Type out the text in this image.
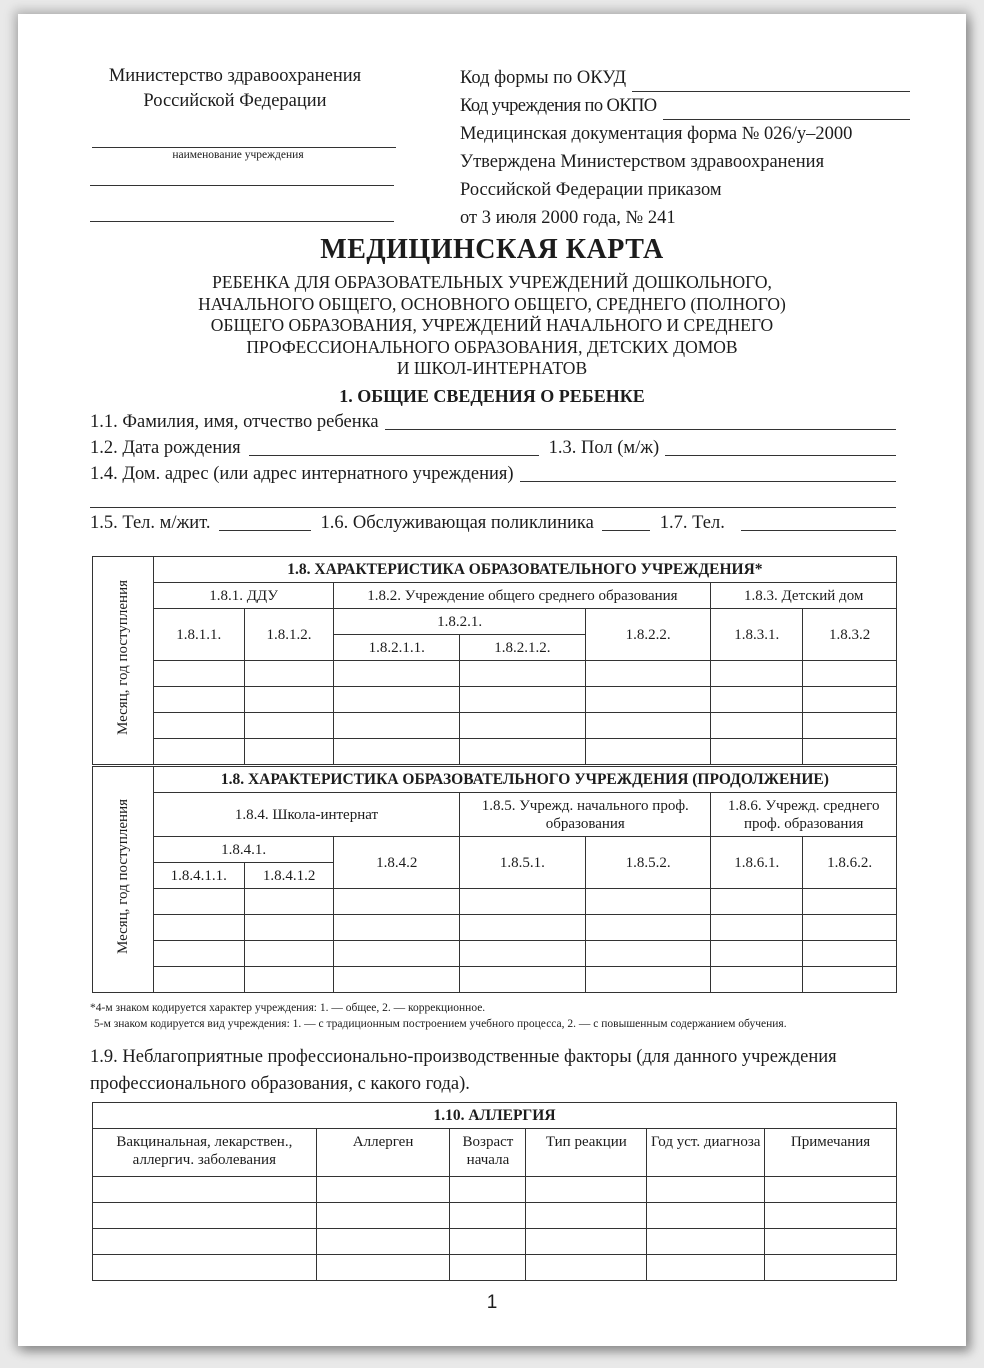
Министерство здравоохранения
Российской Федерации
наименование учреждения
Код формы по ОКУД
Код учреждения по ОКПО
Медицинская документация форма № 026/у–2000
Утверждена Министерством здравоохранения
Российской Федерации приказом
от 3 июля 2000 года, № 241
МЕДИЦИНСКАЯ КАРТА
РЕБЕНКА ДЛЯ ОБРАЗОВАТЕЛЬНЫХ УЧРЕЖДЕНИЙ ДОШКОЛЬНОГО,
НАЧАЛЬНОГО ОБЩЕГО, ОСНОВНОГО ОБЩЕГО, СРЕДНЕГО (ПОЛНОГО)
ОБЩЕГО ОБРАЗОВАНИЯ, УЧРЕЖДЕНИЙ НАЧАЛЬНОГО И СРЕДНЕГО
ПРОФЕССИОНАЛЬНОГО ОБРАЗОВАНИЯ, ДЕТСКИХ ДОМОВ
И ШКОЛ-ИНТЕРНАТОВ
1. ОБЩИЕ СВЕДЕНИЯ О РЕБЕНКЕ
1.1. Фамилия, имя, отчество ребенка
1.2. Дата рождения	1.3. Пол (м/ж)
1.4. Дом. адрес (или адрес интернатного учреждения)
1.5. Тел. м/жит.	1.6. Обслуживающая поликлиника	1.7. Тел.
Месяц, год поступления	1.8. ХАРАКТЕРИСТИКА ОБРАЗОВАТЕЛЬНОГО УЧРЕЖДЕНИЯ*						
	1.8.1. ДДУ		1.8.2. Учреждение общего среднего образования			1.8.3. Детский дом	
	1.8.1.1.	1.8.1.2.	1.8.2.1.		1.8.2.2.	1.8.3.1.	1.8.3.2
			1.8.2.1.1.	1.8.2.1.2.			

Месяц, год поступления	1.8. ХАРАКТЕРИСТИКА ОБРАЗОВАТЕЛЬНОГО УЧРЕЖДЕНИЯ (ПРОДОЛЖЕНИЕ)						
	1.8.4. Школа-интернат			1.8.5. Учрежд. начального проф. образования		1.8.6. Учрежд. среднего проф. образования	
	1.8.4.1.		1.8.4.2	1.8.5.1.	1.8.5.2.	1.8.6.1.	1.8.6.2.
	1.8.4.1.1.	1.8.4.1.2					

*4-м знаком кодируется характер учреждения: 1. — общее, 2. — коррекционное.
5-м знаком кодируется вид учреждения: 1. — с традиционным построением учебного процесса, 2. — с повышенным содержанием обучения.
1.9. Неблагоприятные профессионально-производственные факторы (для данного учреждения профессионального образования, с какого года).
1.10. АЛЛЕРГИЯ					
Вакцинальная, лекарствен., аллергич. заболевания	Аллерген	Возраст начала	Тип реакции	Год уст. диагноза	Примечания

1
